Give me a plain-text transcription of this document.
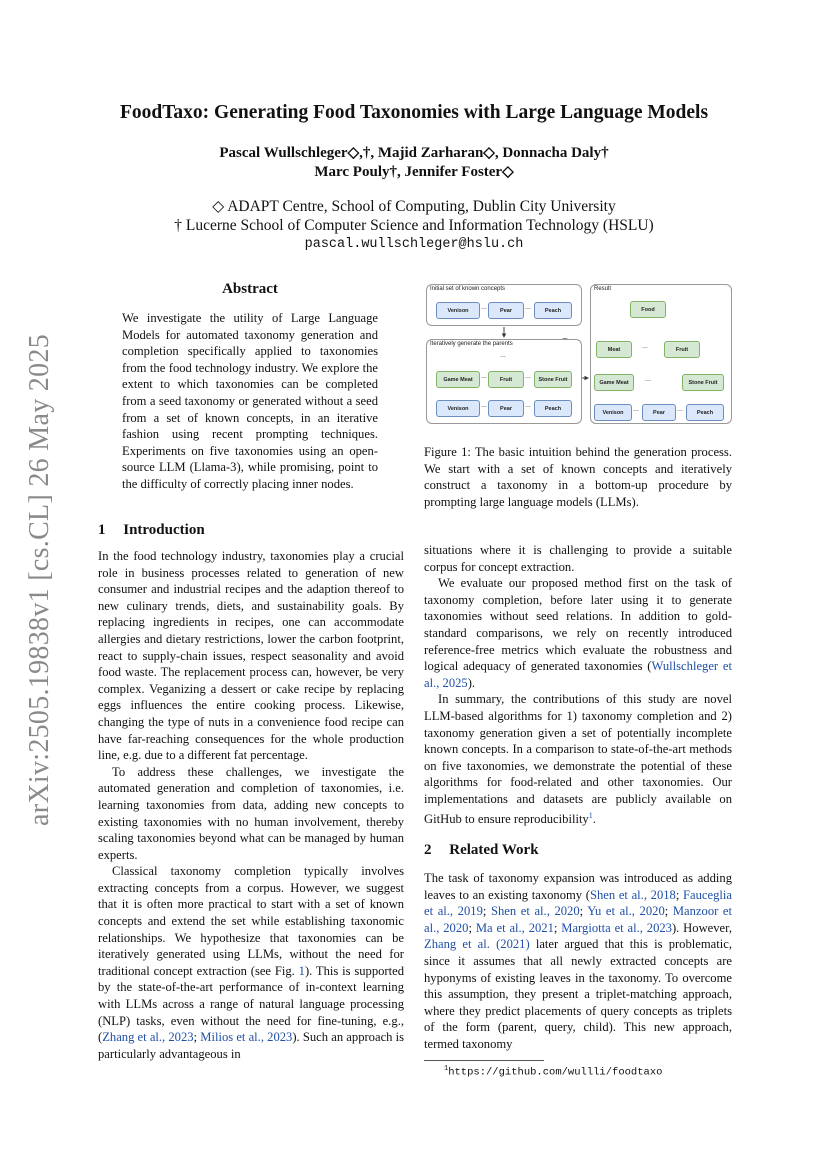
arXiv:2505.19838v1 [cs.CL] 26 May 2025
FoodTaxo: Generating Food Taxonomies with Large Language Models
Pascal Wullschleger◇,†, Majid Zarharan◇, Donnacha Daly†
Marc Pouly†, Jennifer Foster◇
◇ ADAPT Centre, School of Computing, Dublin City University
† Lucerne School of Computer Science and Information Technology (HSLU)
pascal.wullschleger@hslu.ch
Abstract
We investigate the utility of Large Language Models for automated taxonomy generation and completion specifically applied to taxonomies from the food technology industry. We explore the extent to which taxonomies can be completed from a seed taxonomy or generated without a seed from a set of known concepts, in an iterative fashion using recent prompting techniques. Experiments on five taxonomies using an open-source LLM (Llama-3), while promising, point to the difficulty of correctly placing inner nodes.
1 Introduction

In the food technology industry, taxonomies play a crucial role in business processes related to generation of new consumer and industrial recipes and the adaption thereof to new culinary trends, diets, and sustainability goals. By replacing ingredients in recipes, one can accommodate allergies and dietary restrictions, lower the carbon footprint, react to supply-chain issues, respect seasonality and avoid food waste. The replacement process can, however, be very complex. Veganizing a dessert or cake recipe by replacing eggs influences the entire cooking process. Likewise, changing the type of nuts in a convenience food recipe can have far-reaching consequences for the whole production line, e.g. due to a different fat percentage.

To address these challenges, we investigate the automated generation and completion of taxonomies, i.e. learning taxonomies from data, adding new concepts to existing taxonomies with no human involvement, thereby scaling taxonomies beyond what can be managed by human experts.

Classical taxonomy completion typically involves extracting concepts from a corpus. However, we suggest that it is often more practical to start with a set of known concepts and extend the set while establishing taxonomic relationships. We hypothesize that taxonomies can be iteratively generated using LLMs, without the need for traditional concept extraction (see Fig. 1). This is supported by the state-of-the-art performance of in-context learning with LLMs across a range of natural language processing (NLP) tasks, even without the need for fine-tuning, e.g., (Zhang et al., 2023; Milios et al., 2023). Such an approach is particularly advantageous in

Initial set of known concepts
Venison	...	Pear	...	Peach
Iteratively generate the parents
...
Game Meat	...	Fruit	...	Stone Fruit
Venison	...	Pear	...	Peach
Result
Food
Meat	...	Fruit
Game Meat	...	Stone Fruit
Venison	...	Pear	...	Peach
Figure 1: The basic intuition behind the generation process. We start with a set of known concepts and iteratively construct a taxonomy in a bottom-up procedure by prompting large language models (LLMs).

situations where it is challenging to provide a suitable corpus for concept extraction.

We evaluate our proposed method first on the task of taxonomy completion, before later using it to generate taxonomies without seed relations. In addition to gold-standard comparisons, we rely on recently introduced reference-free metrics which evaluate the robustness and logical adequacy of generated taxonomies (Wullschleger et al., 2025).

In summary, the contributions of this study are novel LLM-based algorithms for 1) taxonomy completion and 2) taxonomy generation given a set of potentially incomplete known concepts. In a comparison to state-of-the-art methods on five taxonomies, we demonstrate the potential of these algorithms for food-related and other taxonomies. Our implementations and datasets are publicly available on GitHub to ensure reproducibility$^1$.

2 Related Work

The task of taxonomy expansion was introduced as adding leaves to an existing taxonomy (Shen et al., 2018; Fauceglia et al., 2019; Shen et al., 2020; Yu et al., 2020; Manzoor et al., 2020; Ma et al., 2021; Margiotta et al., 2023). However, Zhang et al. (2021) later argued that this is problematic, since it assumes that all newly extracted concepts are hyponyms of existing leaves in the taxonomy. To overcome this assumption, they present a triplet-matching approach, where they predict placements of query concepts as triplets of the form (parent, query, child). This new approach, termed taxonomy

$^1$https://github.com/wullli/foodtaxo
